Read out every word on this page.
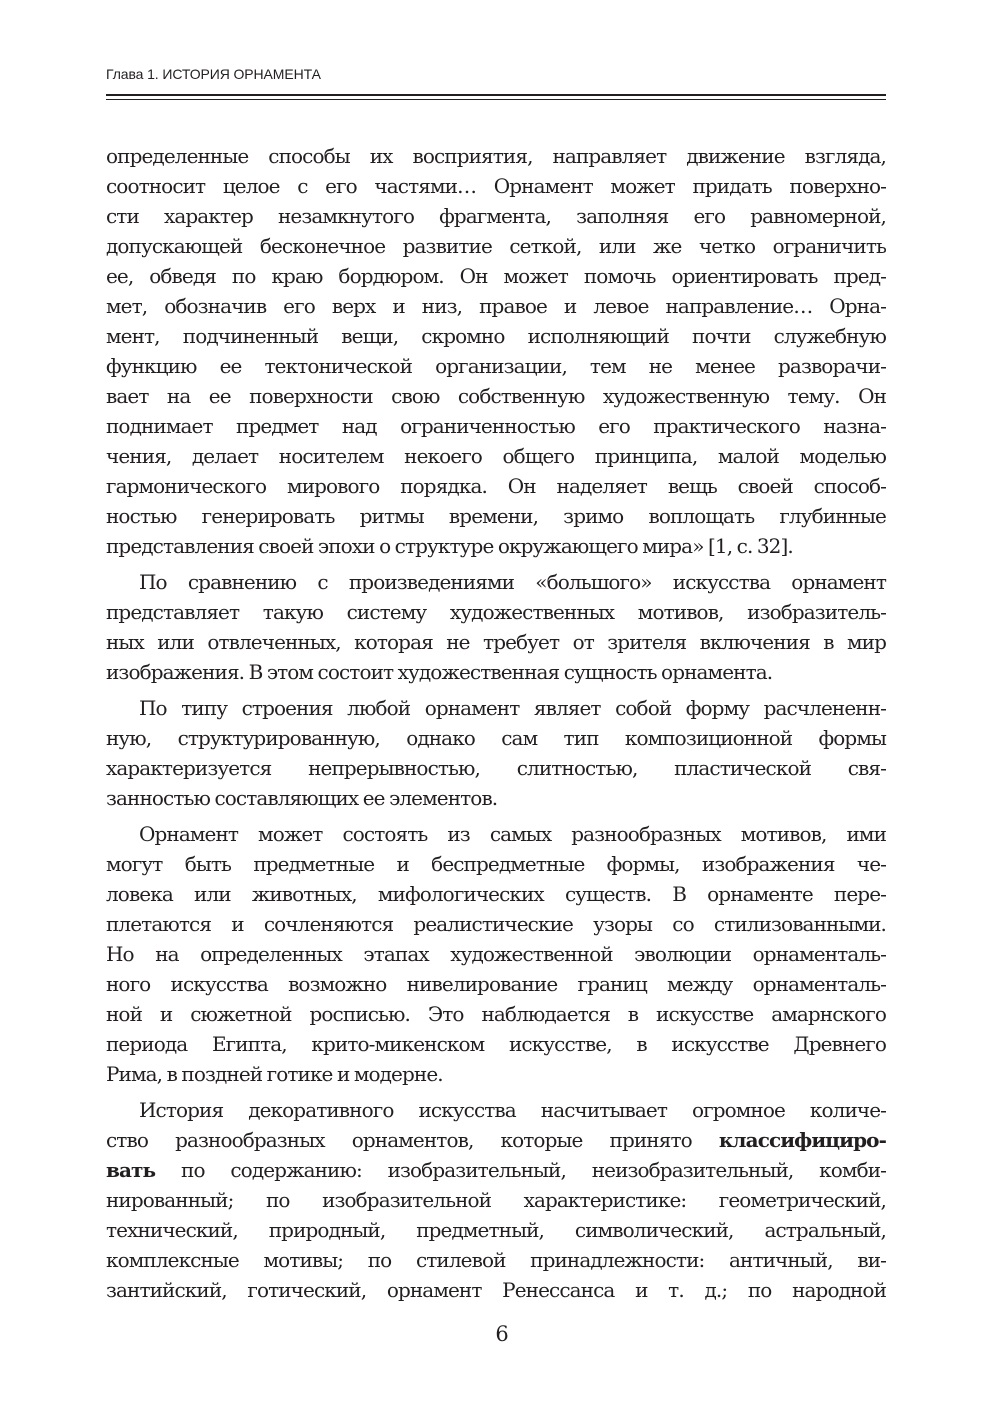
Глава 1. ИСТОРИЯ ОРНАМЕНТА
определенные способы их восприятия, направляет движение взгляда,
соотносит целое с его частями… Орнамент может придать поверхно-
сти характер незамкнутого фрагмента, заполняя его равномерной,
допускающей бесконечное развитие сеткой, или же четко ограничить
ее, обведя по краю бордюром. Он может помочь ориентировать пред-
мет, обозначив его верх и низ, правое и левое направление… Орна-
мент, подчиненный вещи, скромно исполняющий почти служебную
функцию ее тектонической организации, тем не менее разворачи-
вает на ее поверхности свою собственную художественную тему. Он
поднимает предмет над ограниченностью его практического назна-
чения, делает носителем некоего общего принципа, малой моделью
гармонического мирового порядка. Он наделяет вещь своей способ-
ностью генерировать ритмы времени, зримо воплощать глубинные
представления своей эпохи о структуре окружающего мира» [1, с. 32].
По сравнению с произведениями «большого» искусства орнамент
представляет такую систему художественных мотивов, изобразитель-
ных или отвлеченных, которая не требует от зрителя включения в мир
изображения. В этом состоит художественная сущность орнамента.
По типу строения любой орнамент являет собой форму расчлененн-
ную, структурированную, однако сам тип композиционной формы
характеризуется непрерывностью, слитностью, пластической свя-
занностью составляющих ее элементов.
Орнамент может состоять из самых разнообразных мотивов, ими
могут быть предметные и беспредметные формы, изображения че-
ловека или животных, мифологических существ. В орнаменте пере-
плетаются и сочленяются реалистические узоры со стилизованными.
Но на определенных этапах художественной эволюции орнаменталь-
ного искусства возможно нивелирование границ между орнаменталь-
ной и сюжетной росписью. Это наблюдается в искусстве амарнского
периода Египта, крито-микенском искусстве, в искусстве Древнего
Рима, в поздней готике и модерне.
История декоративного искусства насчитывает огромное количе-
ство разнообразных орнаментов, которые принято классифициро-
вать по содержанию: изобразительный, неизобразительный, комби-
нированный; по изобразительной характеристике: геометрический,
технический, природный, предметный, символический, астральный,
комплексные мотивы; по стилевой принадлежности: античный, ви-
зантийский, готический, орнамент Ренессанса и т. д.; по народной
6
